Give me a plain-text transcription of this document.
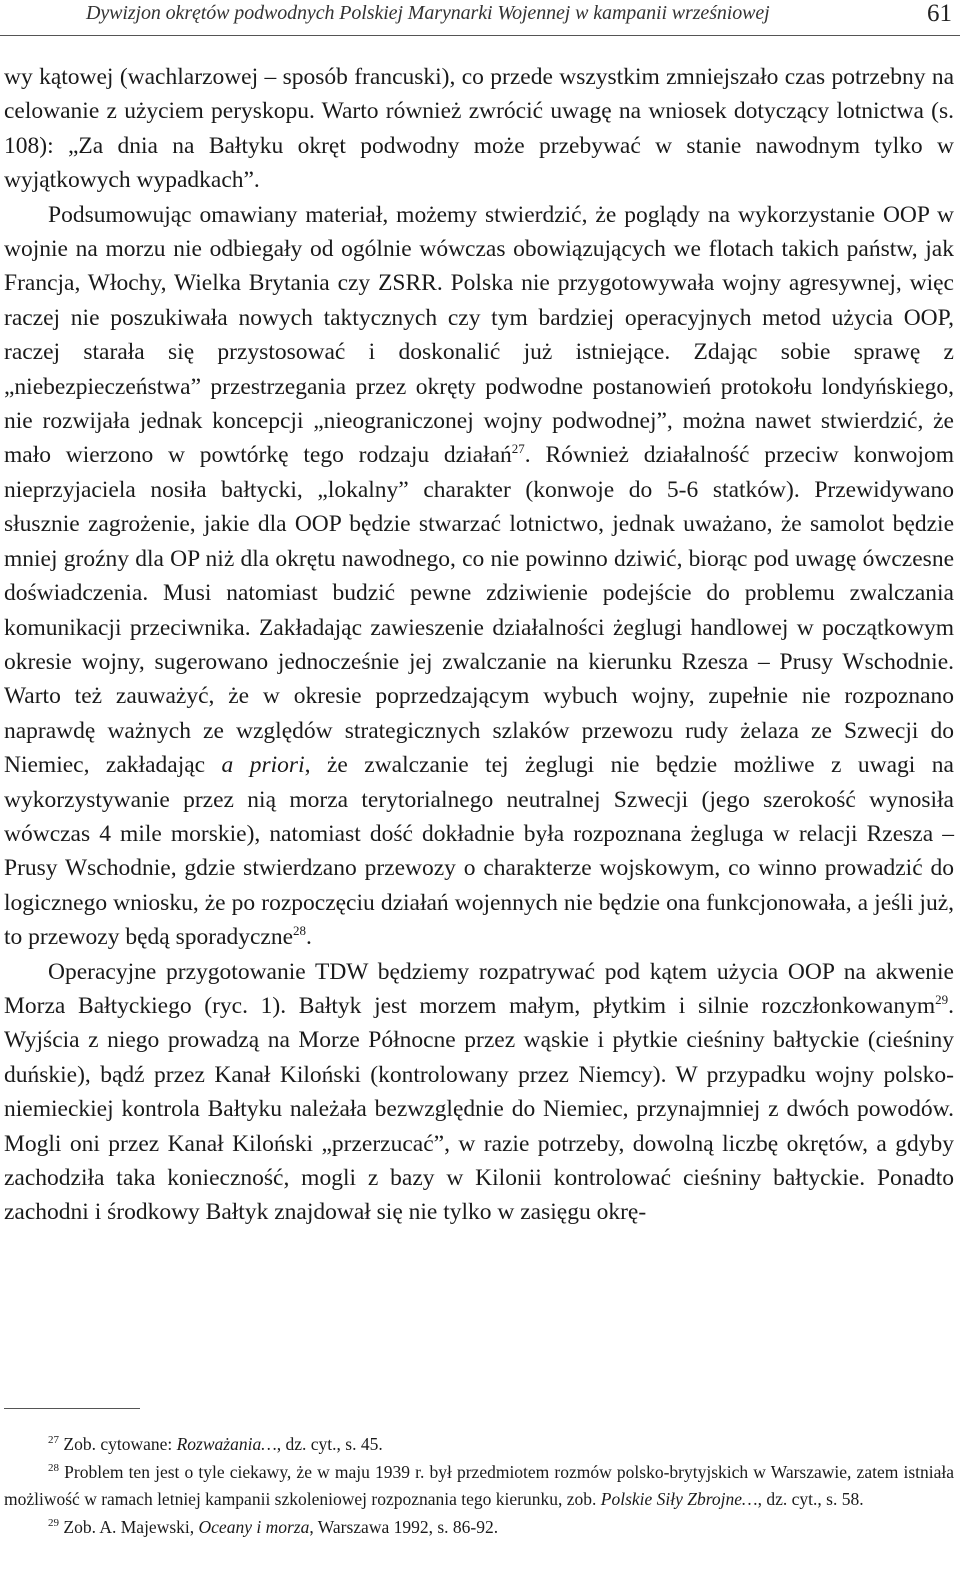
Dywizjon okrętów podwodnych Polskiej Marynarki Wojennej w kampanii wrześniowej	61

wy kątowej (wachlarzowej – sposób francuski), co przede wszystkim zmniejszało czas potrzebny na celowanie z użyciem peryskopu. Warto również zwrócić uwagę na wniosek dotyczący lotnictwa (s. 108): „Za dnia na Bałtyku okręt podwodny może przebywać w stanie nawodnym tylko w wyjątkowych wypadkach”.

Podsumowując omawiany materiał, możemy stwierdzić, że poglądy na wykorzystanie OOP w wojnie na morzu nie odbiegały od ogólnie wówczas obowiązujących we flotach takich państw, jak Francja, Włochy, Wielka Brytania czy ZSRR. Polska nie przygotowywała wojny agresywnej, więc raczej nie poszukiwała nowych taktycznych czy tym bardziej operacyjnych metod użycia OOP, raczej starała się przystosować i doskonalić już istniejące. Zdając sobie sprawę z „niebezpieczeństwa” przestrzegania przez okręty podwodne postanowień protokołu londyńskiego, nie rozwijała jednak koncepcji „nieograniczonej wojny podwodnej”, można nawet stwierdzić, że mało wierzono w powtórkę tego rodzaju działań$^{27}$. Również działalność przeciw konwojom nieprzyjaciela nosiła bałtycki, „lokalny” charakter (konwoje do 5-6 statków). Przewidywano słusznie zagrożenie, jakie dla OOP będzie stwarzać lotnictwo, jednak uważano, że samolot będzie mniej groźny dla OP niż dla okrętu nawodnego, co nie powinno dziwić, biorąc pod uwagę ówczesne doświadczenia. Musi natomiast budzić pewne zdziwienie podejście do problemu zwalczania komunikacji przeciwnika. Zakładając zawieszenie działalności żeglugi handlowej w początkowym okresie wojny, sugerowano jednocześnie jej zwalczanie na kierunku Rzesza – Prusy Wschodnie. Warto też zauważyć, że w okresie poprzedzającym wybuch wojny, zupełnie nie rozpoznano naprawdę ważnych ze względów strategicznych szlaków przewozu rudy żelaza ze Szwecji do Niemiec, zakładając a priori, że zwalczanie tej żeglugi nie będzie możliwe z uwagi na wykorzystywanie przez nią morza terytorialnego neutralnej Szwecji (jego szerokość wynosiła wówczas 4 mile morskie), natomiast dość dokładnie była rozpoznana żegluga w relacji Rzesza – Prusy Wschodnie, gdzie stwierdzano przewozy o charakterze wojskowym, co winno prowadzić do logicznego wniosku, że po rozpoczęciu działań wojennych nie będzie ona funkcjonowała, a jeśli już, to przewozy będą sporadyczne$^{28}$.

Operacyjne przygotowanie TDW będziemy rozpatrywać pod kątem użycia OOP na akwenie Morza Bałtyckiego (ryc. 1). Bałtyk jest morzem małym, płytkim i silnie rozczłonkowanym$^{29}$. Wyjścia z niego prowadzą na Morze Północne przez wąskie i płytkie cieśniny bałtyckie (cieśniny duńskie), bądź przez Kanał Kiloński (kontrolowany przez Niemcy). W przypadku wojny polsko-niemieckiej kontrola Bałtyku należała bezwzględnie do Niemiec, przynajmniej z dwóch powodów. Mogli oni przez Kanał Kiloński „przerzucać”, w razie potrzeby, dowolną liczbę okrętów, a gdyby zachodziła taka konieczność, mogli z bazy w Kilonii kontrolować cieśniny bałtyckie. Ponadto zachodni i środkowy Bałtyk znajdował się nie tylko w zasięgu okrę-

$^{27}$ Zob. cytowane: Rozważania…, dz. cyt., s. 45.

$^{28}$ Problem ten jest o tyle ciekawy, że w maju 1939 r. był przedmiotem rozmów polsko-brytyjskich w Warszawie, zatem istniała możliwość w ramach letniej kampanii szkoleniowej rozpoznania tego kierunku, zob. Polskie Siły Zbrojne…, dz. cyt., s. 58.

$^{29}$ Zob. A. Majewski, Oceany i morza, Warszawa 1992, s. 86-92.
